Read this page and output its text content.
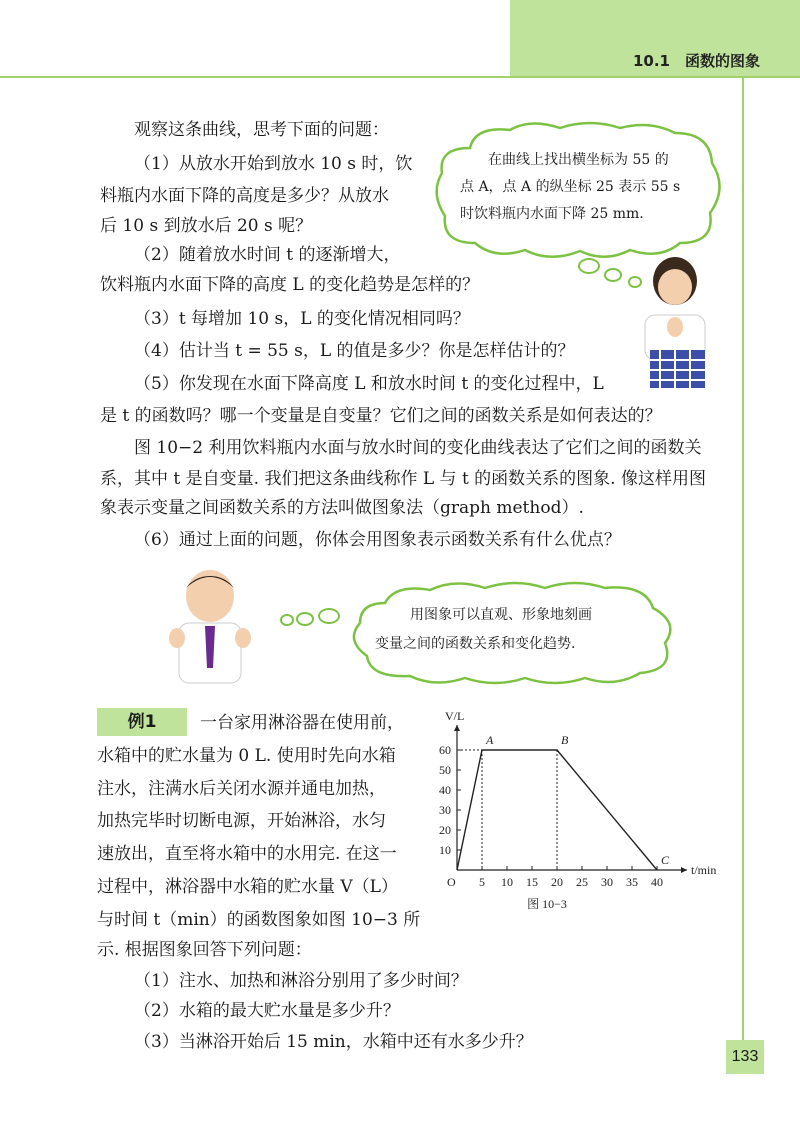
10.1　函数的图象
观察这条曲线，思考下面的问题：
（1）从放水开始到放水 10 s 时，饮
料瓶内水面下降的高度是多少？从放水
后 10 s 到放水后 20 s 呢？
（2）随着放水时间 t 的逐渐增大，
饮料瓶内水面下降的高度 L 的变化趋势是怎样的？
（3）t 每增加 10 s，L 的变化情况相同吗？
（4）估计当 t = 55 s，L 的值是多少？你是怎样估计的？
（5）你发现在水面下降高度 L 和放水时间 t 的变化过程中，L
是 t 的函数吗？哪一个变量是自变量？它们之间的函数关系是如何表达的？
图 10−2 利用饮料瓶内水面与放水时间的变化曲线表达了它们之间的函数关
系，其中 t 是自变量. 我们把这条曲线称作 L 与 t 的函数关系的图象. 像这样用图
象表示变量之间函数关系的方法叫做图象法（graph method）.
（6）通过上面的问题，你体会用图象表示函数关系有什么优点？
在曲线上找出横坐标为 55 的
点 A，点 A 的纵坐标 25 表示 55 s
时饮料瓶内水面下降 25 mm.
用图象可以直观、形象地刻画
变量之间的函数关系和变化趋势.
例1	一台家用淋浴器在使用前，
水箱中的贮水量为 0 L. 使用时先向水箱
注水，注满水后关闭水源并通电加热，
加热完毕时切断电源，开始淋浴，水匀
速放出，直至将水箱中的水用完. 在这一
过程中，淋浴器中水箱的贮水量 V（L）
与时间 t（min）的函数图象如图 10−3 所
示. 根据图象回答下列问题：
（1）注水、加热和淋浴分别用了多少时间？
（2）水箱的最大贮水量是多少升？
（3）当淋浴开始后 15 min，水箱中还有水多少升？
O
t/min
V/L
5 10 15 20 25 30 35 40
10
20
30
40
50
60
A	B
C
图 10−3
133
